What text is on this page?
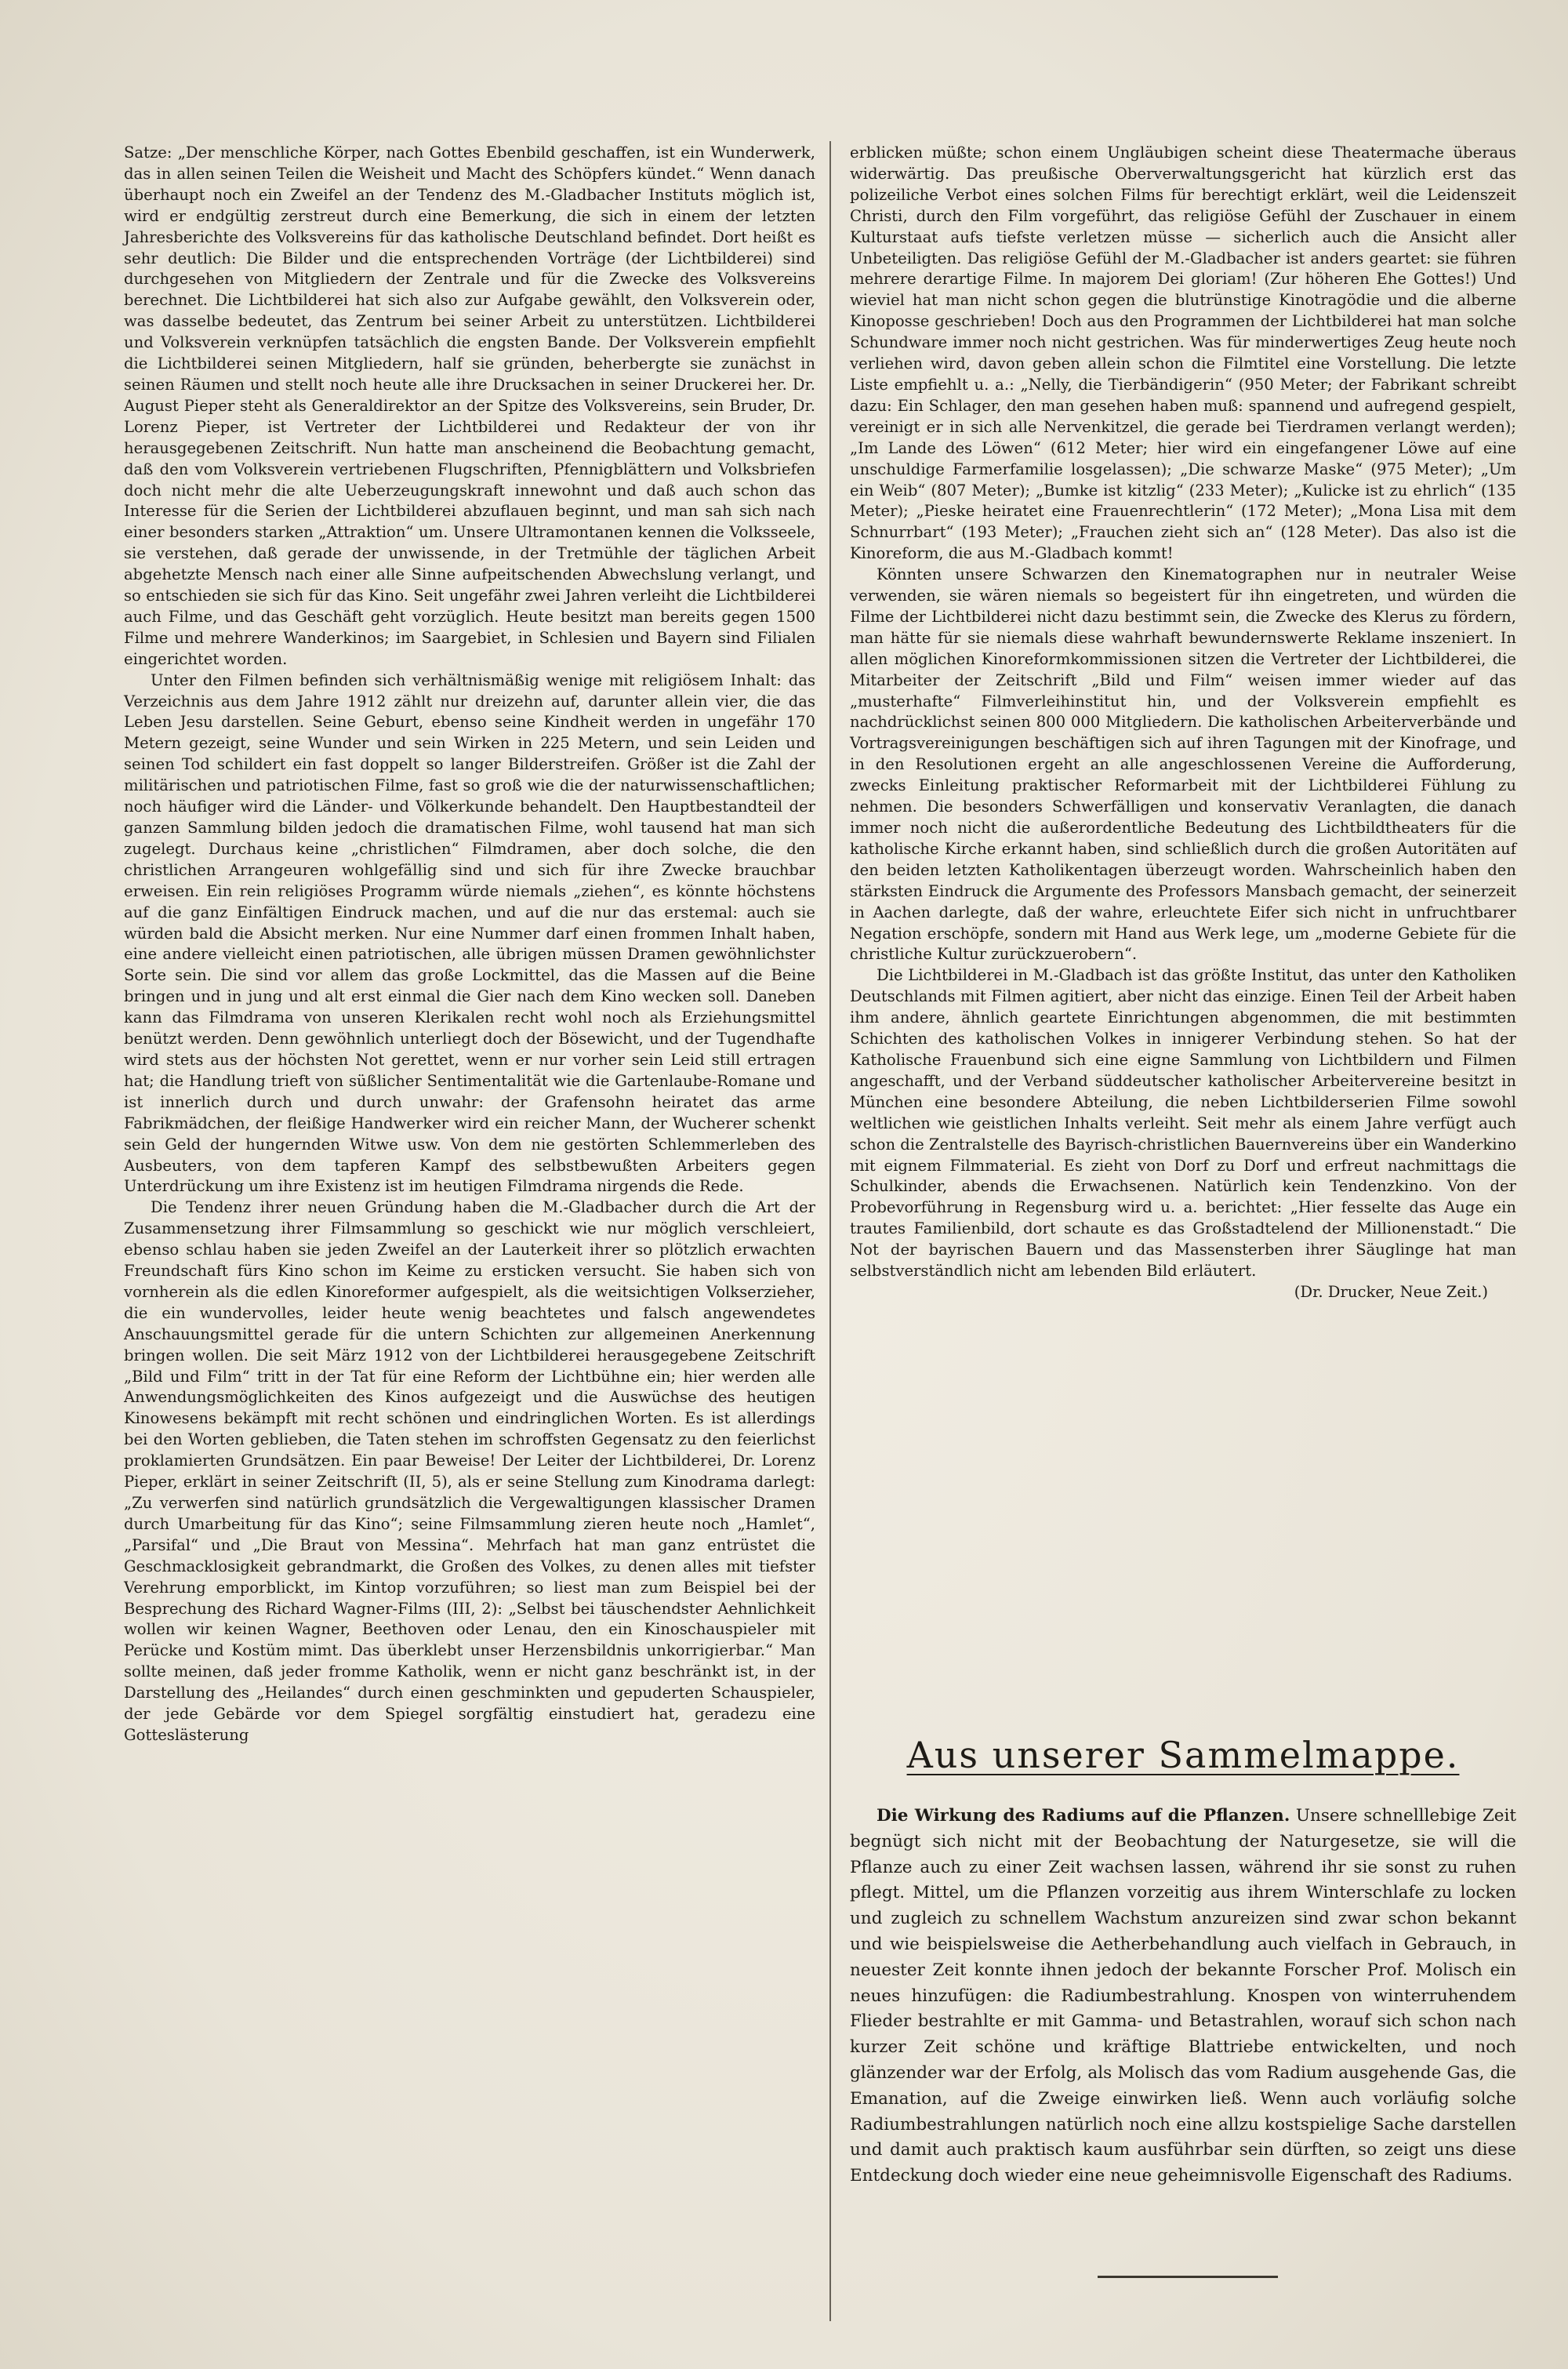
Satze: „Der menschliche Körper, nach Gottes Ebenbild geschaffen, ist ein Wunderwerk, das in allen seinen Teilen die Weisheit und Macht des Schöpfers kündet.“ Wenn danach überhaupt noch ein Zweifel an der Tendenz des M.-Gladbacher Instituts möglich ist, wird er endgültig zerstreut durch eine Bemerkung, die sich in einem der letzten Jahresberichte des Volksvereins für das katholische Deutschland befindet. Dort heißt es sehr deutlich: Die Bilder und die entsprechenden Vorträge (der Lichtbilderei) sind durchgesehen von Mitgliedern der Zentrale und für die Zwecke des Volksvereins berechnet. Die Lichtbilderei hat sich also zur Aufgabe gewählt, den Volksverein oder, was dasselbe bedeutet, das Zentrum bei seiner Arbeit zu unterstützen. Lichtbilderei und Volksverein verknüpfen tatsächlich die engsten Bande. Der Volksverein empfiehlt die Lichtbilderei seinen Mitgliedern, half sie gründen, beherbergte sie zunächst in seinen Räumen und stellt noch heute alle ihre Drucksachen in seiner Druckerei her. Dr. August Pieper steht als Generaldirektor an der Spitze des Volksvereins, sein Bruder, Dr. Lorenz Pieper, ist Vertreter der Lichtbilderei und Redakteur der von ihr herausgegebenen Zeitschrift. Nun hatte man anscheinend die Beobachtung gemacht, daß den vom Volksverein vertriebenen Flugschriften, Pfennigblättern und Volksbriefen doch nicht mehr die alte Ueberzeugungskraft innewohnt und daß auch schon das Interesse für die Serien der Lichtbilderei abzuflauen beginnt, und man sah sich nach einer besonders starken „Attraktion“ um. Unsere Ultramontanen kennen die Volksseele, sie verstehen, daß gerade der unwissende, in der Tretmühle der täglichen Arbeit abgehetzte Mensch nach einer alle Sinne aufpeitschenden Abwechslung verlangt, und so entschieden sie sich für das Kino. Seit ungefähr zwei Jahren verleiht die Lichtbilderei auch Filme, und das Geschäft geht vorzüglich. Heute besitzt man bereits gegen 1500 Filme und mehrere Wanderkinos; im Saargebiet, in Schlesien und Bayern sind Filialen eingerichtet worden.

Unter den Filmen befinden sich verhältnismäßig wenige mit religiösem Inhalt: das Verzeichnis aus dem Jahre 1912 zählt nur dreizehn auf, darunter allein vier, die das Leben Jesu darstellen. Seine Geburt, ebenso seine Kindheit werden in ungefähr 170 Metern gezeigt, seine Wunder und sein Wirken in 225 Metern, und sein Leiden und seinen Tod schildert ein fast doppelt so langer Bilderstreifen. Größer ist die Zahl der militärischen und patriotischen Filme, fast so groß wie die der naturwissenschaftlichen; noch häufiger wird die Länder- und Völkerkunde behandelt. Den Hauptbestandteil der ganzen Sammlung bilden jedoch die dramatischen Filme, wohl tausend hat man sich zugelegt. Durchaus keine „christlichen“ Filmdramen, aber doch solche, die den christlichen Arrangeuren wohlgefällig sind und sich für ihre Zwecke brauchbar erweisen. Ein rein religiöses Programm würde niemals „ziehen“, es könnte höchstens auf die ganz Einfältigen Eindruck machen, und auf die nur das erstemal: auch sie würden bald die Absicht merken. Nur eine Nummer darf einen frommen Inhalt haben, eine andere vielleicht einen patriotischen, alle übrigen müssen Dramen gewöhnlichster Sorte sein. Die sind vor allem das große Lockmittel, das die Massen auf die Beine bringen und in jung und alt erst einmal die Gier nach dem Kino wecken soll. Daneben kann das Filmdrama von unseren Klerikalen recht wohl noch als Erziehungsmittel benützt werden. Denn gewöhnlich unterliegt doch der Bösewicht, und der Tugendhafte wird stets aus der höchsten Not gerettet, wenn er nur vorher sein Leid still ertragen hat; die Handlung trieft von süßlicher Sentimentalität wie die Gartenlaube-Romane und ist innerlich durch und durch unwahr: der Grafensohn heiratet das arme Fabrikmädchen, der fleißige Handwerker wird ein reicher Mann, der Wucherer schenkt sein Geld der hungernden Witwe usw. Von dem nie gestörten Schlemmerleben des Ausbeuters, von dem tapferen Kampf des selbstbewußten Arbeiters gegen Unterdrückung um ihre Existenz ist im heutigen Filmdrama nirgends die Rede.

Die Tendenz ihrer neuen Gründung haben die M.-Gladbacher durch die Art der Zusammensetzung ihrer Filmsammlung so geschickt wie nur möglich verschleiert, ebenso schlau haben sie jeden Zweifel an der Lauterkeit ihrer so plötzlich erwachten Freundschaft fürs Kino schon im Keime zu ersticken versucht. Sie haben sich von vornherein als die edlen Kinoreformer aufgespielt, als die weitsichtigen Volkserzieher, die ein wundervolles, leider heute wenig beachtetes und falsch angewendetes Anschauungsmittel gerade für die untern Schichten zur allgemeinen Anerkennung bringen wollen. Die seit März 1912 von der Lichtbilderei herausgegebene Zeitschrift „Bild und Film“ tritt in der Tat für eine Reform der Lichtbühne ein; hier werden alle Anwendungsmöglichkeiten des Kinos aufgezeigt und die Auswüchse des heutigen Kinowesens bekämpft mit recht schönen und eindringlichen Worten. Es ist allerdings bei den Worten geblieben, die Taten stehen im schroffsten Gegensatz zu den feierlichst proklamierten Grundsätzen. Ein paar Beweise! Der Leiter der Lichtbilderei, Dr. Lorenz Pieper, erklärt in seiner Zeitschrift (II, 5), als er seine Stellung zum Kinodrama darlegt: „Zu verwerfen sind natürlich grundsätzlich die Vergewaltigungen klassischer Dramen durch Umarbeitung für das Kino“; seine Filmsammlung zieren heute noch „Hamlet“, „Parsifal“ und „Die Braut von Messina“. Mehrfach hat man ganz entrüstet die Geschmacklosigkeit gebrandmarkt, die Großen des Volkes, zu denen alles mit tiefster Verehrung emporblickt, im Kintop vorzuführen; so liest man zum Beispiel bei der Besprechung des Richard Wagner-Films (III, 2): „Selbst bei täuschendster Aehnlichkeit wollen wir keinen Wagner, Beethoven oder Lenau, den ein Kinoschauspieler mit Perücke und Kostüm mimt. Das überklebt unser Herzensbildnis unkorrigierbar.“ Man sollte meinen, daß jeder fromme Katholik, wenn er nicht ganz beschränkt ist, in der Darstellung des „Heilandes“ durch einen geschminkten und gepuderten Schauspieler, der jede Gebärde vor dem Spiegel sorgfältig einstudiert hat, geradezu eine Gotteslästerung

erblicken müßte; schon einem Ungläubigen scheint diese Theatermache überaus widerwärtig. Das preußische Oberverwaltungsgericht hat kürzlich erst das polizeiliche Verbot eines solchen Films für berechtigt erklärt, weil die Leidenszeit Christi, durch den Film vorgeführt, das religiöse Gefühl der Zuschauer in einem Kulturstaat aufs tiefste verletzen müsse — sicherlich auch die Ansicht aller Unbeteiligten. Das religiöse Gefühl der M.-Gladbacher ist anders geartet: sie führen mehrere derartige Filme. In majorem Dei gloriam! (Zur höheren Ehe Gottes!) Und wieviel hat man nicht schon gegen die blutrünstige Kinotragödie und die alberne Kinoposse geschrieben! Doch aus den Programmen der Lichtbilderei hat man solche Schundware immer noch nicht gestrichen. Was für minderwertiges Zeug heute noch verliehen wird, davon geben allein schon die Filmtitel eine Vorstellung. Die letzte Liste empfiehlt u. a.: „Nelly, die Tierbändigerin“ (950 Meter; der Fabrikant schreibt dazu: Ein Schlager, den man gesehen haben muß: spannend und aufregend gespielt, vereinigt er in sich alle Nervenkitzel, die gerade bei Tierdramen verlangt werden); „Im Lande des Löwen“ (612 Meter; hier wird ein eingefangener Löwe auf eine unschuldige Farmerfamilie losgelassen); „Die schwarze Maske“ (975 Meter); „Um ein Weib“ (807 Meter); „Bumke ist kitzlig“ (233 Meter); „Kulicke ist zu ehrlich“ (135 Meter); „Pieske heiratet eine Frauenrechtlerin“ (172 Meter); „Mona Lisa mit dem Schnurrbart“ (193 Meter); „Frauchen zieht sich an“ (128 Meter). Das also ist die Kinoreform, die aus M.-Gladbach kommt!

Könnten unsere Schwarzen den Kinematographen nur in neutraler Weise verwenden, sie wären niemals so begeistert für ihn eingetreten, und würden die Filme der Lichtbilderei nicht dazu bestimmt sein, die Zwecke des Klerus zu fördern, man hätte für sie niemals diese wahrhaft bewundernswerte Reklame inszeniert. In allen möglichen Kinoreformkommissionen sitzen die Vertreter der Lichtbilderei, die Mitarbeiter der Zeitschrift „Bild und Film“ weisen immer wieder auf das „musterhafte“ Filmverleihinstitut hin, und der Volksverein empfiehlt es nachdrücklichst seinen 800 000 Mitgliedern. Die katholischen Arbeiterverbände und Vortragsvereinigungen beschäftigen sich auf ihren Tagungen mit der Kinofrage, und in den Resolutionen ergeht an alle angeschlossenen Vereine die Aufforderung, zwecks Einleitung praktischer Reformarbeit mit der Lichtbilderei Fühlung zu nehmen. Die besonders Schwerfälligen und konservativ Veranlagten, die danach immer noch nicht die außerordentliche Bedeutung des Lichtbildtheaters für die katholische Kirche erkannt haben, sind schließlich durch die großen Autoritäten auf den beiden letzten Katholikentagen überzeugt worden. Wahrscheinlich haben den stärksten Eindruck die Argumente des Professors Mansbach gemacht, der seinerzeit in Aachen darlegte, daß der wahre, erleuchtete Eifer sich nicht in unfruchtbarer Negation erschöpfe, sondern mit Hand aus Werk lege, um „moderne Gebiete für die christliche Kultur zurückzuerobern“.

Die Lichtbilderei in M.-Gladbach ist das größte Institut, das unter den Katholiken Deutschlands mit Filmen agitiert, aber nicht das einzige. Einen Teil der Arbeit haben ihm andere, ähnlich geartete Einrichtungen abgenommen, die mit bestimmten Schichten des katholischen Volkes in innigerer Verbindung stehen. So hat der Katholische Frauenbund sich eine eigne Sammlung von Lichtbildern und Filmen angeschafft, und der Verband süddeutscher katholischer Arbeitervereine besitzt in München eine besondere Abteilung, die neben Lichtbilderserien Filme sowohl weltlichen wie geistlichen Inhalts verleiht. Seit mehr als einem Jahre verfügt auch schon die Zentralstelle des Bayrisch-christlichen Bauernvereins über ein Wanderkino mit eignem Filmmaterial. Es zieht von Dorf zu Dorf und erfreut nachmittags die Schulkinder, abends die Erwachsenen. Natürlich kein Tendenzkino. Von der Probevorführung in Regensburg wird u. a. berichtet: „Hier fesselte das Auge ein trautes Familienbild, dort schaute es das Großstadtelend der Millionenstadt.“ Die Not der bayrischen Bauern und das Massensterben ihrer Säuglinge hat man selbstverständlich nicht am lebenden Bild erläutert.

(Dr. Drucker, Neue Zeit.)

Aus unserer Sammelmappe.

Die Wirkung des Radiums auf die Pflanzen. Unsere schnelllebige Zeit begnügt sich nicht mit der Beobachtung der Naturgesetze, sie will die Pflanze auch zu einer Zeit wachsen lassen, während ihr sie sonst zu ruhen pflegt. Mittel, um die Pflanzen vorzeitig aus ihrem Winterschlafe zu locken und zugleich zu schnellem Wachstum anzureizen sind zwar schon bekannt und wie beispielsweise die Aetherbehandlung auch vielfach in Gebrauch, in neuester Zeit konnte ihnen jedoch der bekannte Forscher Prof. Molisch ein neues hinzufügen: die Radiumbestrahlung. Knospen von winterruhendem Flieder bestrahlte er mit Gamma- und Betastrahlen, worauf sich schon nach kurzer Zeit schöne und kräftige Blattriebe entwickelten, und noch glänzender war der Erfolg, als Molisch das vom Radium ausgehende Gas, die Emanation, auf die Zweige einwirken ließ. Wenn auch vorläufig solche Radiumbestrahlungen natürlich noch eine allzu kostspielige Sache darstellen und damit auch praktisch kaum ausführbar sein dürften, so zeigt uns diese Entdeckung doch wieder eine neue geheimnisvolle Eigenschaft des Radiums.
